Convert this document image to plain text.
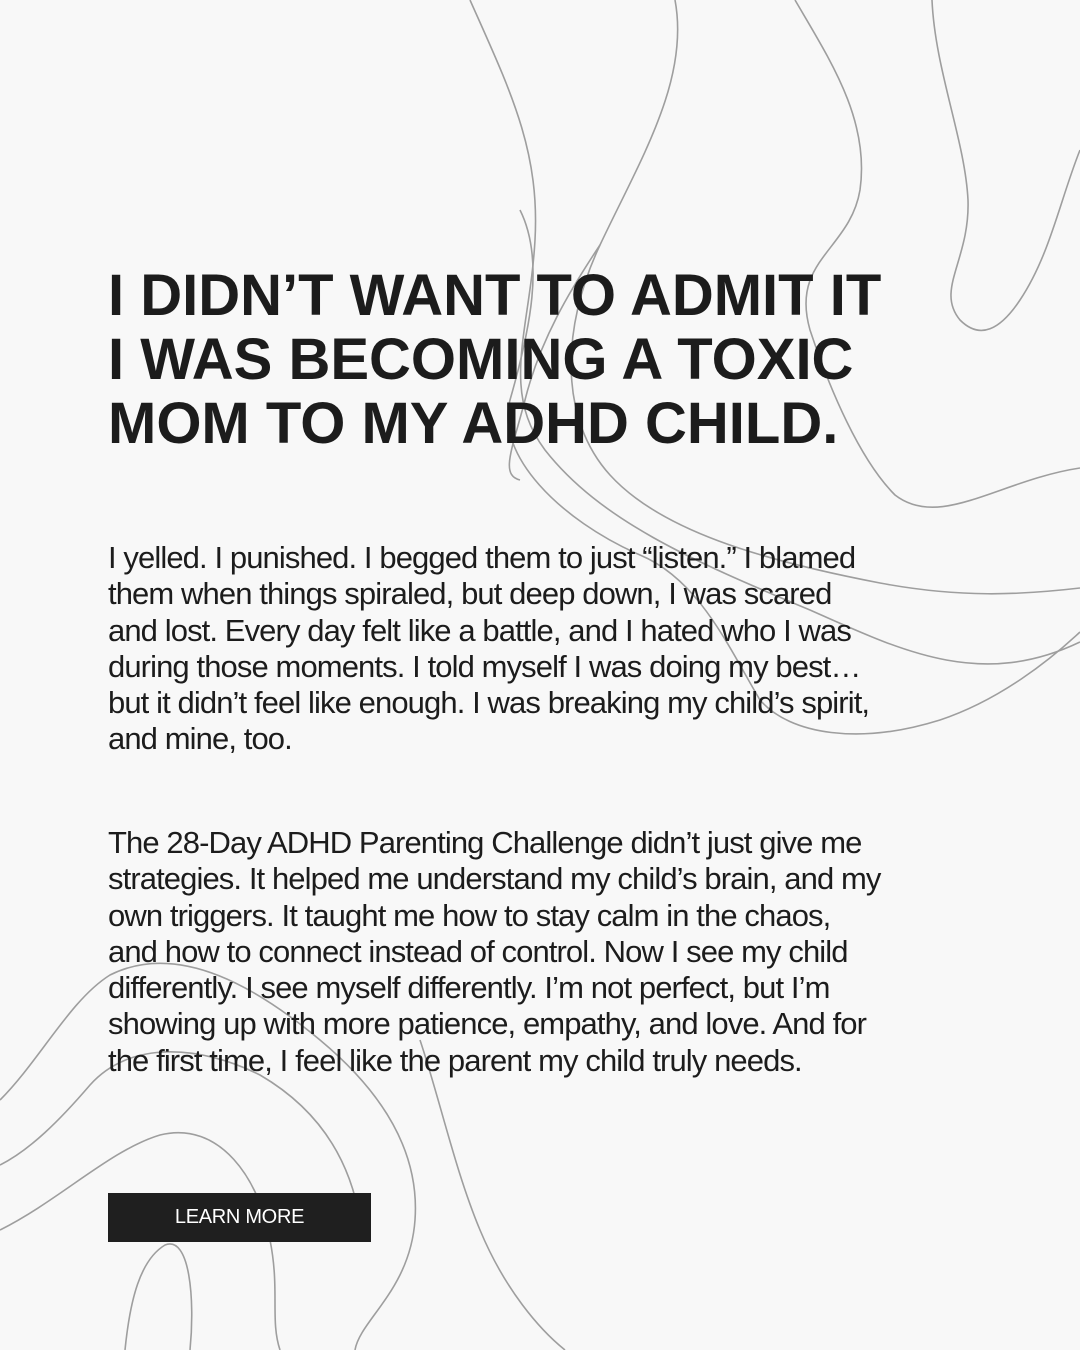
I DIDN’T WANT TO ADMIT IT
I WAS BECOMING A TOXIC
MOM TO MY ADHD CHILD.

I yelled. I punished. I begged them to just “listen.” I blamed
them when things spiraled, but deep down, I was scared
and lost. Every day felt like a battle, and I hated who I was
during those moments. I told myself I was doing my best…
but it didn’t feel like enough. I was breaking my child’s spirit,
and mine, too.

The 28-Day ADHD Parenting Challenge didn’t just give me
strategies. It helped me understand my child’s brain, and my
own triggers. It taught me how to stay calm in the chaos,
and how to connect instead of control. Now I see my child
differently. I see myself differently. I’m not perfect, but I’m
showing up with more patience, empathy, and love. And for
the first time, I feel like the parent my child truly needs.

LEARN MORE
